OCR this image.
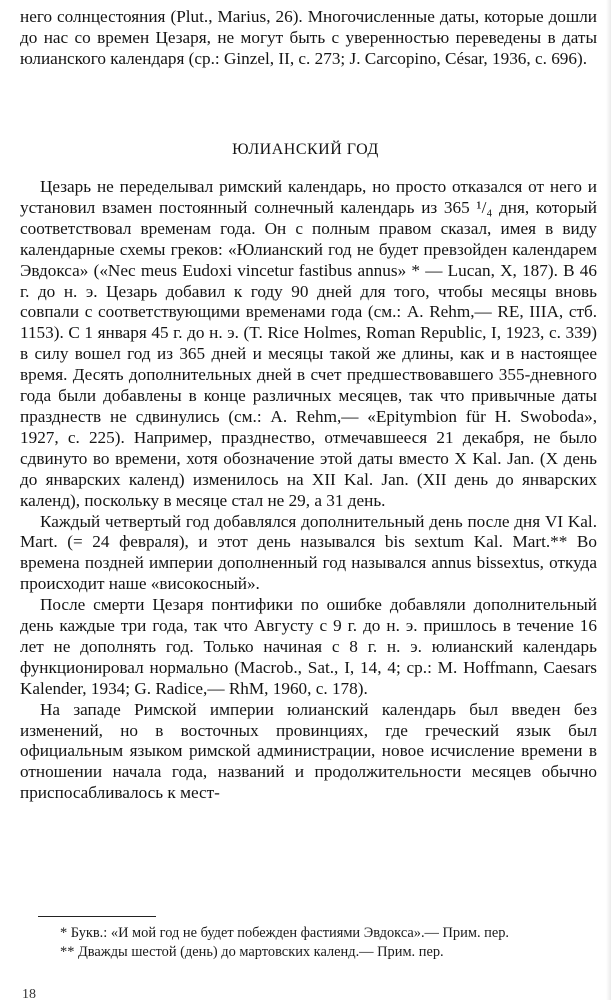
него солнцестояния (Plut., Marius, 26). Многочисленные даты, которые дошли до нас со времен Цезаря, не могут быть с уверенностью переведены в даты юлианского календаря (ср.: Ginzel, II, c. 273; J. Carcopino, César, 1936, c. 696).

ЮЛИАНСКИЙ ГОД

Цезарь не переделывал римский календарь, но просто отказался от него и установил взамен постоянный солнечный календарь из 365 ¹/₄ дня, который соответствовал временам года. Он с полным правом сказал, имея в виду календарные схемы греков: «Юлианский год не будет превзойден календарем Эвдокса» («Nec meus Eudoxi vincetur fastibus annus» * — Lucan, X, 187). В 46 г. до н. э. Цезарь добавил к году 90 дней для того, чтобы месяцы вновь совпали с соответствующими временами года (см.: A. Rehm,— RE, IIIA, стб. 1153). С 1 января 45 г. до н. э. (T. Rice Holmes, Roman Republic, I, 1923, c. 339) в силу вошел год из 365 дней и месяцы такой же длины, как и в настоящее время. Десять дополнительных дней в счет предшествовавшего 355-дневного года были добавлены в конце различных месяцев, так что привычные даты празднеств не сдвинулись (см.: A. Rehm,— «Epitymbion für H. Swoboda», 1927, c. 225). Например, празднество, отмечавшееся 21 декабря, не было сдвинуто во времени, хотя обозначение этой даты вместо X Kal. Jan. (X день до январских календ) изменилось на XII Kal. Jan. (XII день до январских календ), поскольку в месяце стал не 29, а 31 день.

Каждый четвертый год добавлялся дополнительный день после дня VI Kal. Mart. (= 24 февраля), и этот день назывался bis sextum Kal. Mart.** Во времена поздней империи дополненный год назывался annus bissextus, откуда происходит наше «високосный».

После смерти Цезаря понтифики по ошибке добавляли дополнительный день каждые три года, так что Августу с 9 г. до н. э. пришлось в течение 16 лет не дополнять год. Только начиная с 8 г. н. э. юлианский календарь функционировал нормально (Macrob., Sat., I, 14, 4; ср.: M. Hoffmann, Caesars Kalender, 1934; G. Radice,— RhM, 1960, c. 178).

На западе Римской империи юлианский календарь был введен без изменений, но в восточных провинциях, где греческий язык был официальным языком римской администрации, новое исчисление времени в отношении начала года, названий и продолжительности месяцев обычно приспосабливалось к мест-

* Букв.: «И мой год не будет побежден фастиями Эвдокса».— Прим. пер.

** Дважды шестой (день) до мартовских календ.— Прим. пер.

18
